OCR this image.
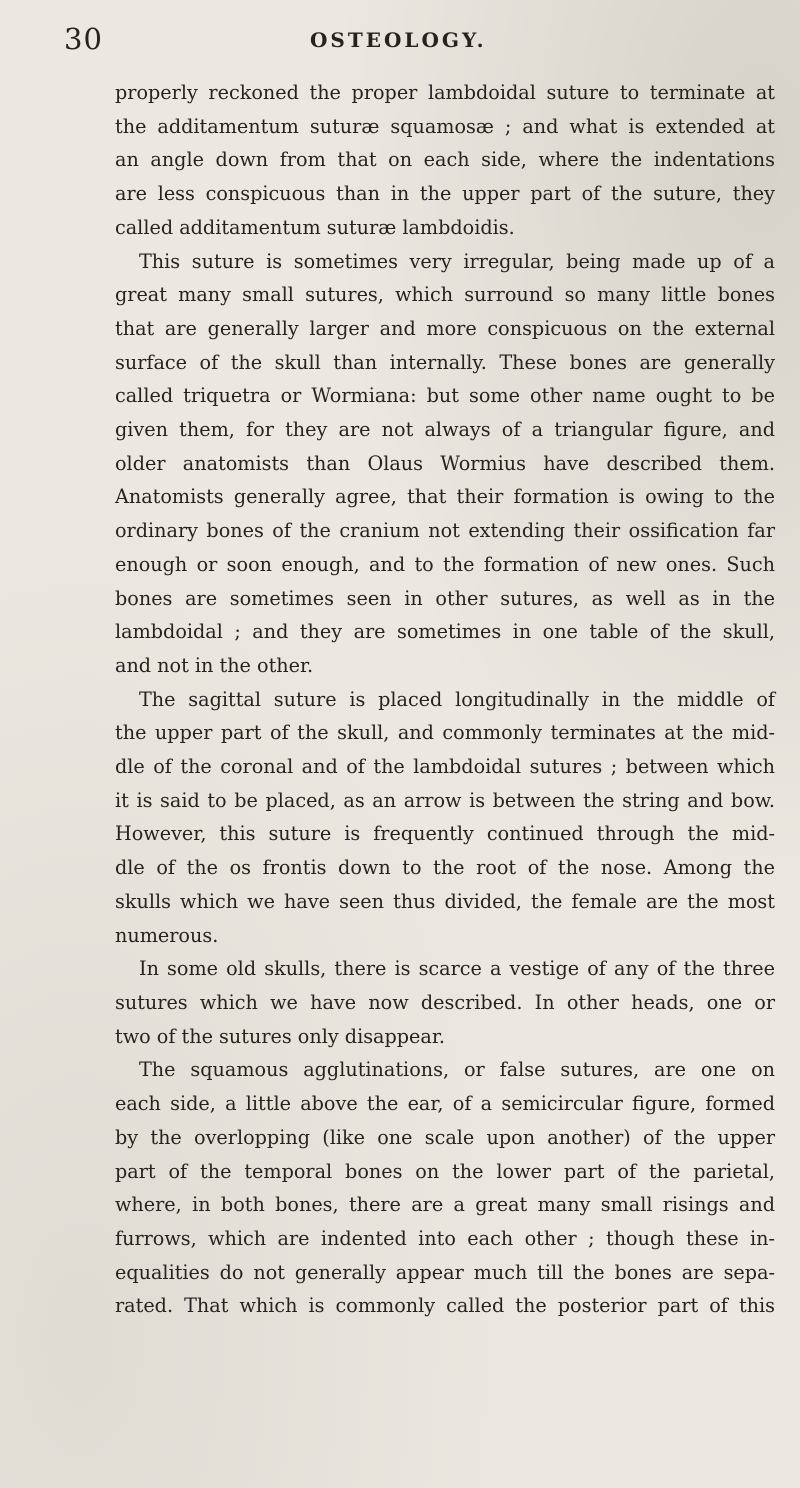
30	OSTEOLOGY.
properly reckoned the proper lambdoidal suture to terminate at
the additamentum suturæ squamosæ ; and what is extended at
an angle down from that on each side, where the indentations
are less conspicuous than in the upper part of the suture, they
called additamentum suturæ lambdoidis.
This suture is sometimes very irregular, being made up of a
great many small sutures, which surround so many little bones
that are generally larger and more conspicuous on the external
surface of the skull than internally. These bones are generally
called triquetra or Wormiana: but some other name ought to be
given them, for they are not always of a triangular figure, and
older anatomists than Olaus Wormius have described them.
Anatomists generally agree, that their formation is owing to the
ordinary bones of the cranium not extending their ossification far
enough or soon enough, and to the formation of new ones. Such
bones are sometimes seen in other sutures, as well as in the
lambdoidal ; and they are sometimes in one table of the skull,
and not in the other.
The sagittal suture is placed longitudinally in the middle of
the upper part of the skull, and commonly terminates at the mid-
dle of the coronal and of the lambdoidal sutures ; between which
it is said to be placed, as an arrow is between the string and bow.
However, this suture is frequently continued through the mid-
dle of the os frontis down to the root of the nose. Among the
skulls which we have seen thus divided, the female are the most
numerous.
In some old skulls, there is scarce a vestige of any of the three
sutures which we have now described. In other heads, one or
two of the sutures only disappear.
The squamous agglutinations, or false sutures, are one on
each side, a little above the ear, of a semicircular figure, formed
by the overlopping (like one scale upon another) of the upper
part of the temporal bones on the lower part of the parietal,
where, in both bones, there are a great many small risings and
furrows, which are indented into each other ; though these in-
equalities do not generally appear much till the bones are sepa-
rated. That which is commonly called the posterior part of this
